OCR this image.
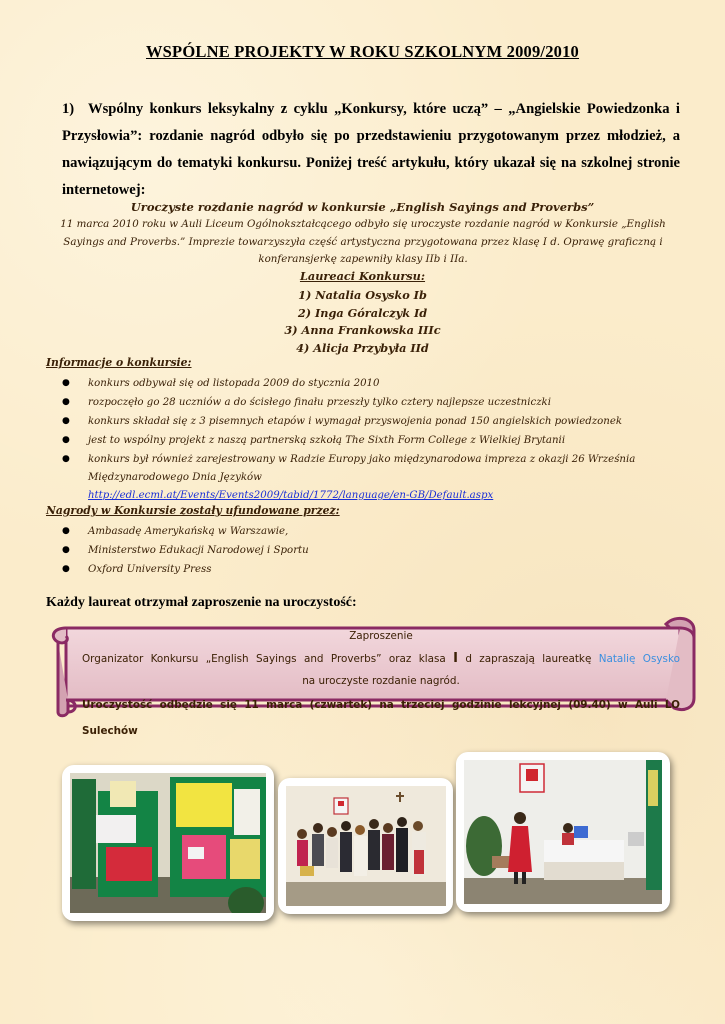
WSPÓLNE PROJEKTY W ROKU SZKOLNYM 2009/2010
1) Wspólny konkurs leksykalny z cyklu „Konkursy, które uczą” – „Angielskie Powiedzonka i Przysłowia”: rozdanie nagród odbyło się po przedstawieniu przygotowanym przez młodzież, a nawiązującym do tematyki konkursu. Poniżej treść artykułu, który ukazał się na szkolnej stronie internetowej:
Uroczyste rozdanie nagród w konkursie „English Sayings and Proverbs”
11 marca 2010 roku w Auli Liceum Ogólnokształcącego odbyło się uroczyste rozdanie nagród w Konkursie „English Sayings and Proverbs.” Imprezie towarzyszyła część artystyczna przygotowana przez klasę I d. Oprawę graficzną i konferansjerkę zapewniły klasy IIb i IIa.
Laureaci Konkursu:
1) Natalia Osysko Ib
2) Inga Góralczyk Id
3) Anna Frankowska IIIc
4) Alicja Przybyła IId
Informacje o konkursie:
● konkurs odbywał się od listopada 2009 do stycznia 2010
● rozpoczęło go 28 uczniów a do ścisłego finału przeszły tylko cztery najlepsze uczestniczki
● konkurs składał się z 3 pisemnych etapów i wymagał przyswojenia ponad 150 angielskich powiedzonek
● jest to wspólny projekt z naszą partnerską szkołą The Sixth Form College z Wielkiej Brytanii
● konkurs był również zarejestrowany w Radzie Europy jako międzynarodowa impreza z okazji 26 Września
Międzynarodowego Dnia Języków
http://edl.ecml.at/Events/Events2009/tabid/1772/language/en-GB/Default.aspx
Nagrody w Konkursie zostały ufundowane przez:
● Ambasadę Amerykańską w Warszawie,
● Ministerstwo Edukacji Narodowej i Sportu
● Oxford University Press
Każdy laureat otrzymał zaproszenie na uroczystość:
Zaproszenie
Organizator Konkursu „English Sayings and Proverbs” oraz klasa I d zapraszają laureatkę Natalię Osysko
na uroczyste rozdanie nagród.
Uroczystość odbędzie się 11 marca (czwartek) na trzeciej godzinie lekcyjnej (09.40) w Auli LO Sulechów
